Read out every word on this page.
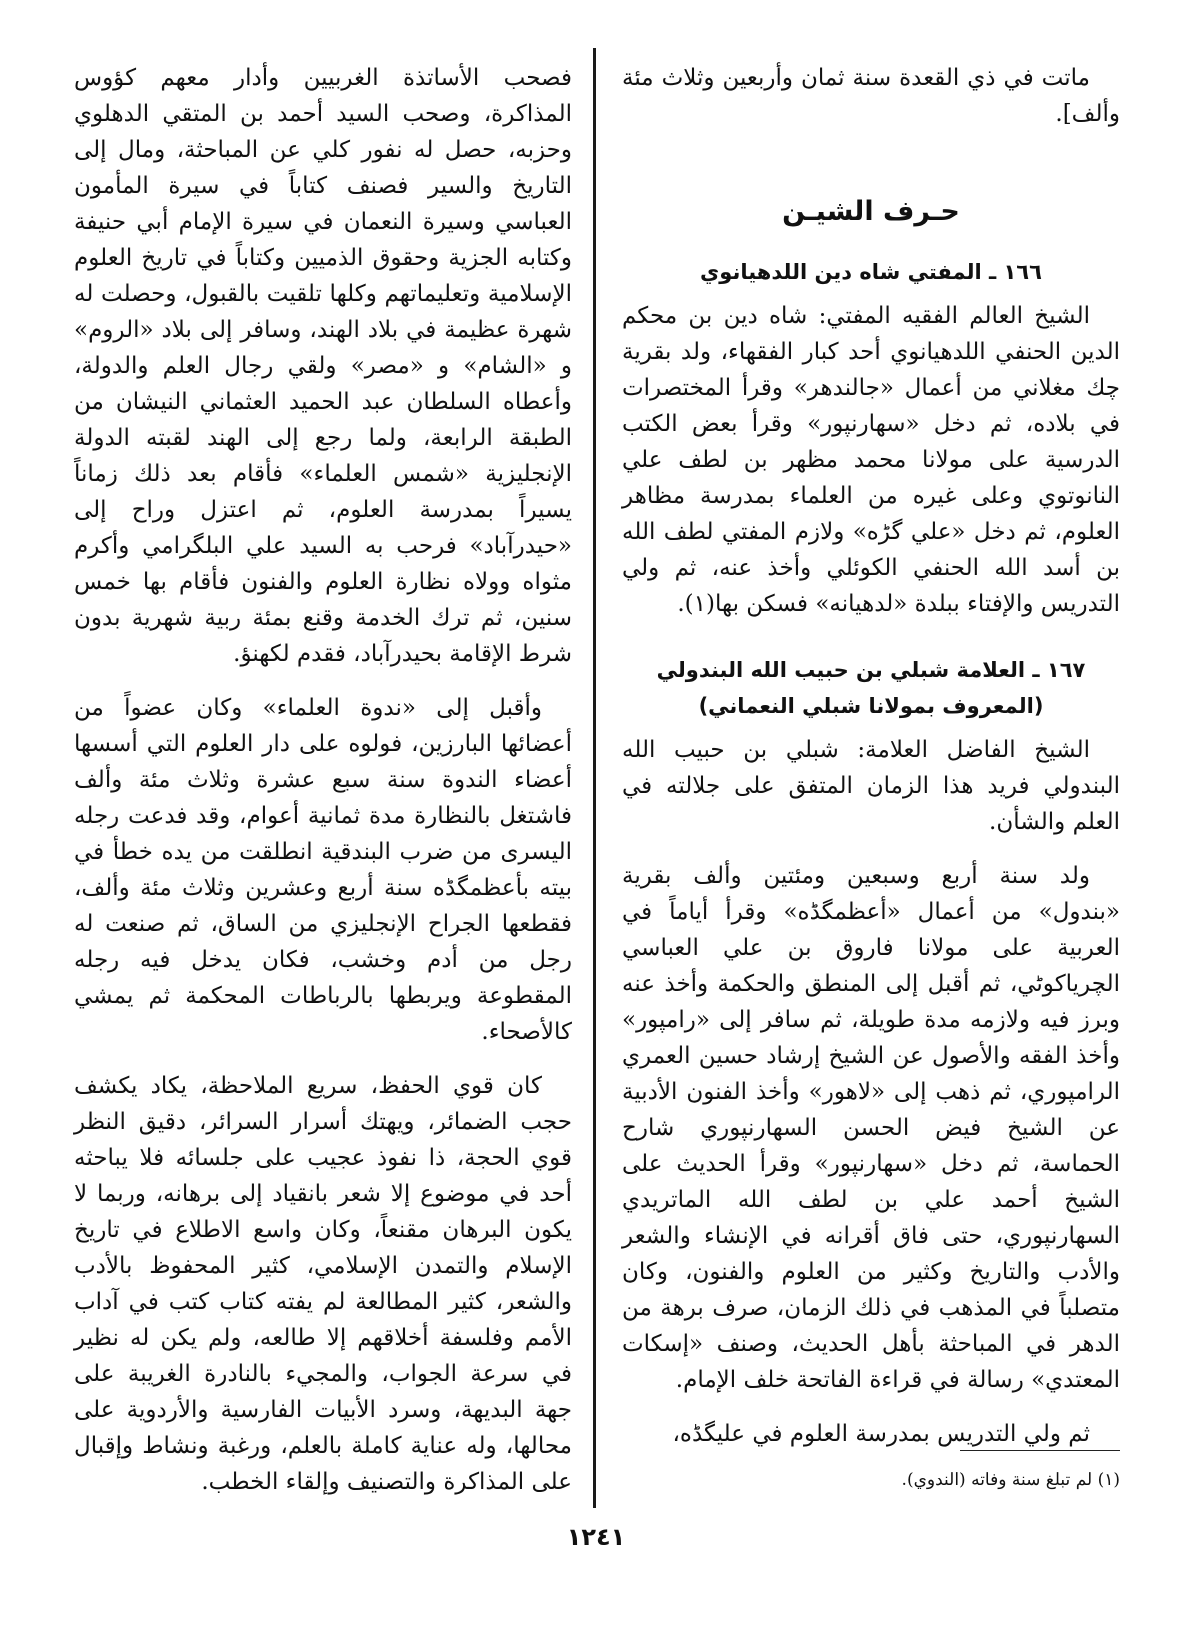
ماتت في ذي القعدة سنة ثمان وأربعين وثلاث مئة وألف].

حـرف الشيـن
١٦٦ ـ المفتي شاه دين اللدهيانوي

الشيخ العالم الفقيه المفتي: شاه دين بن محكم الدين الحنفي اللدهيانوي أحد كبار الفقهاء، ولد بقرية چك مغلاني من أعمال «جالندهر» وقرأ المختصرات في بلاده، ثم دخل «سهارنپور» وقرأ بعض الكتب الدرسية على مولانا محمد مظهر بن لطف علي النانوتوي وعلى غيره من العلماء بمدرسة مظاهر العلوم، ثم دخل «علي گڑه» ولازم المفتي لطف الله بن أسد الله الحنفي الكوئلي وأخذ عنه، ثم ولي التدريس والإفتاء ببلدة «لدهيانه» فسكن بها(١).

١٦٧ ـ العلامة شبلي بن حبيب الله البندولي
(المعروف بمولانا شبلي النعماني)

الشيخ الفاضل العلامة: شبلي بن حبيب الله البندولي فريد هذا الزمان المتفق على جلالته في العلم والشأن.

ولد سنة أربع وسبعين ومئتين وألف بقرية «بندول» من أعمال «أعظمگڈه» وقرأ أياماً في العربية على مولانا فاروق بن علي العباسي الچرياكوٹي، ثم أقبل إلى المنطق والحكمة وأخذ عنه وبرز فيه ولازمه مدة طويلة، ثم سافر إلى «رامپور» وأخذ الفقه والأصول عن الشيخ إرشاد حسين العمري الرامپوري، ثم ذهب إلى «لاهور» وأخذ الفنون الأدبية عن الشيخ فيض الحسن السهارنپوري شارح الحماسة، ثم دخل «سهارنپور» وقرأ الحديث على الشيخ أحمد علي بن لطف الله الماتريدي السهارنپوري، حتى فاق أقرانه في الإنشاء والشعر والأدب والتاريخ وكثير من العلوم والفنون، وكان متصلباً في المذهب في ذلك الزمان، صرف برهة من الدهر في المباحثة بأهل الحديث، وصنف «إسكات المعتدي» رسالة في قراءة الفاتحة خلف الإمام.

ثم ولي التدريس بمدرسة العلوم في عليگڈه،

فصحب الأساتذة الغربيين وأدار معهم كؤوس المذاكرة، وصحب السيد أحمد بن المتقي الدهلوي وحزبه، حصل له نفور كلي عن المباحثة، ومال إلى التاريخ والسير فصنف كتاباً في سيرة المأمون العباسي وسيرة النعمان في سيرة الإمام أبي حنيفة وكتابه الجزية وحقوق الذميين وكتاباً في تاريخ العلوم الإسلامية وتعليماتهم وكلها تلقيت بالقبول، وحصلت له شهرة عظيمة في بلاد الهند، وسافر إلى بلاد «الروم» و «الشام» و «مصر» ولقي رجال العلم والدولة، وأعطاه السلطان عبد الحميد العثماني النيشان من الطبقة الرابعة، ولما رجع إلى الهند لقبته الدولة الإنجليزية «شمس العلماء» فأقام بعد ذلك زماناً يسيراً بمدرسة العلوم، ثم اعتزل وراح إلى «حيدرآباد» فرحب به السيد علي البلگرامي وأكرم مثواه وولاه نظارة العلوم والفنون فأقام بها خمس سنين، ثم ترك الخدمة وقنع بمئة ربية شهرية بدون شرط الإقامة بحيدرآباد، فقدم لكهنؤ.

وأقبل إلى «ندوة العلماء» وكان عضواً من أعضائها البارزين، فولوه على دار العلوم التي أسسها أعضاء الندوة سنة سبع عشرة وثلاث مئة وألف فاشتغل بالنظارة مدة ثمانية أعوام، وقد فدعت رجله اليسرى من ضرب البندقية انطلقت من يده خطأ في بيته بأعظمگڈه سنة أربع وعشرين وثلاث مئة وألف، فقطعها الجراح الإنجليزي من الساق، ثم صنعت له رجل من أدم وخشب، فكان يدخل فيه رجله المقطوعة ويربطها بالرباطات المحكمة ثم يمشي كالأصحاء.

كان قوي الحفظ، سريع الملاحظة، يكاد يكشف حجب الضمائر، ويهتك أسرار السرائر، دقيق النظر قوي الحجة، ذا نفوذ عجيب على جلسائه فلا يباحثه أحد في موضوع إلا شعر بانقياد إلى برهانه، وربما لا يكون البرهان مقنعاً، وكان واسع الاطلاع في تاريخ الإسلام والتمدن الإسلامي، كثير المحفوظ بالأدب والشعر، كثير المطالعة لم يفته كتاب كتب في آداب الأمم وفلسفة أخلاقهم إلا طالعه، ولم يكن له نظير في سرعة الجواب، والمجيء بالنادرة الغريبة على جهة البديهة، وسرد الأبيات الفارسية والأردوية على محالها، وله عناية كاملة بالعلم، ورغبة ونشاط وإقبال على المذاكرة والتصنيف وإلقاء الخطب.	(١) لم تبلغ سنة وفاته (الندوي).
١٢٤١
